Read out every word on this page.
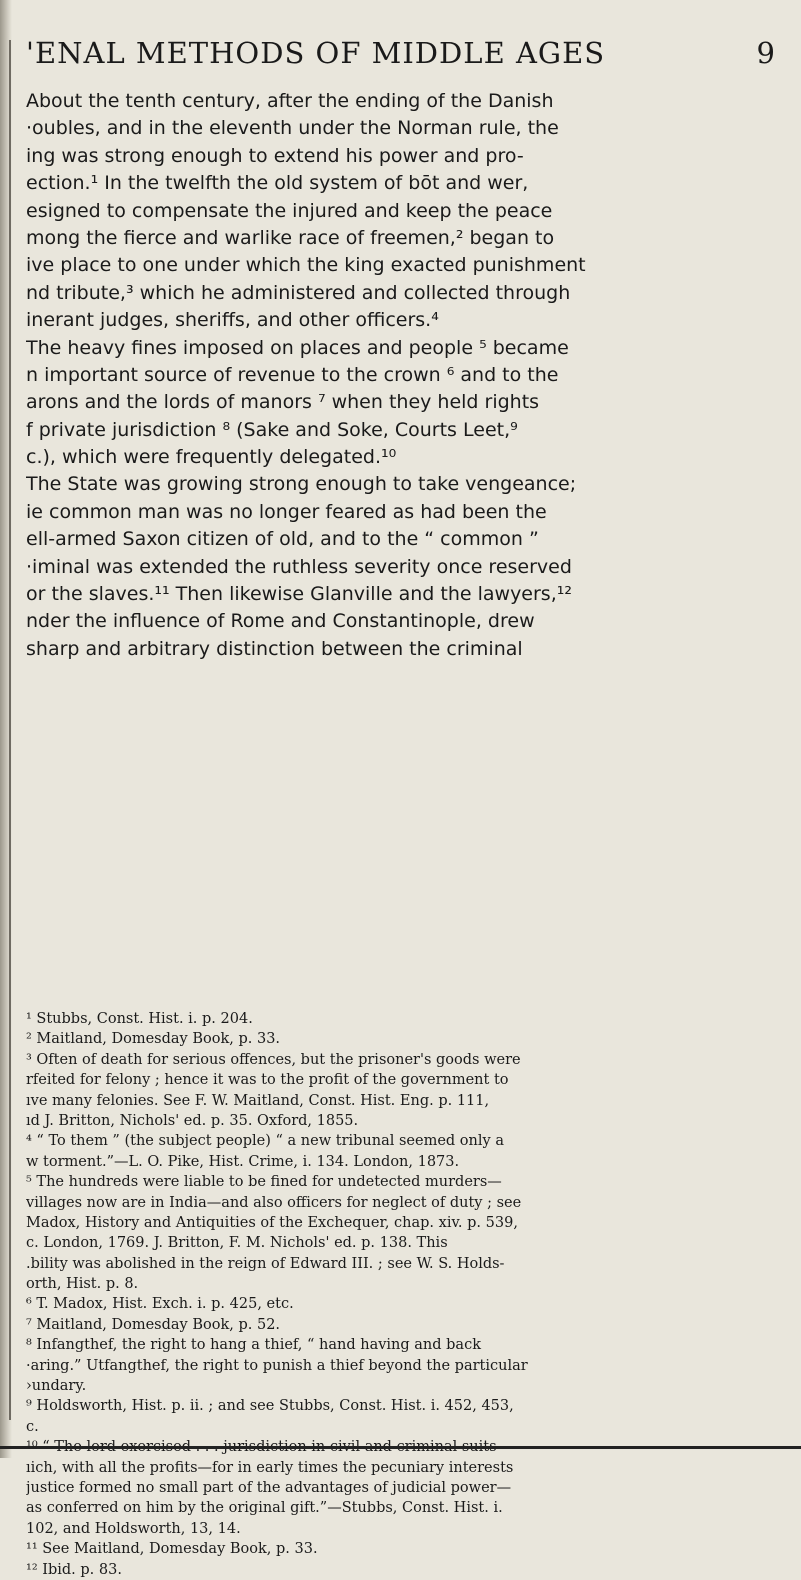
'ENAL METHODS OF MIDDLE AGES	9
About the tenth century, after the ending of the Danish
·oubles, and in the eleventh under the Norman rule, the
ing was strong enough to extend his power and pro-
ection.¹ In the twelfth the old system of bōt and wer,
esigned to compensate the injured and keep the peace
mong the fierce and warlike race of freemen,² began to
ive place to one under which the king exacted punishment
nd tribute,³ which he administered and collected through
inerant judges, sheriffs, and other officers.⁴
The heavy fines imposed on places and people ⁵ became
n important source of revenue to the crown ⁶ and to the
arons and the lords of manors ⁷ when they held rights
f private jurisdiction ⁸ (Sake and Soke, Courts Leet,⁹
c.), which were frequently delegated.¹⁰
The State was growing strong enough to take vengeance;
ie common man was no longer feared as had been the
ell-armed Saxon citizen of old, and to the “ common ”
·iminal was extended the ruthless severity once reserved
or the slaves.¹¹ Then likewise Glanville and the lawyers,¹²
nder the influence of Rome and Constantinople, drew
sharp and arbitrary distinction between the criminal
¹ Stubbs, Const. Hist. i. p. 204.
² Maitland, Domesday Book, p. 33.
³ Often of death for serious offences, but the prisoner's goods were
rfeited for felony ; hence it was to the profit of the government to
ıve many felonies. See F. W. Maitland, Const. Hist. Eng. p. 111,
ıd J. Britton, Nichols' ed. p. 35. Oxford, 1855.
⁴ “ To them ” (the subject people) “ a new tribunal seemed only a
w torment.”—L. O. Pike, Hist. Crime, i. 134. London, 1873.
⁵ The hundreds were liable to be fined for undetected murders—
villages now are in India—and also officers for neglect of duty ; see
Madox, History and Antiquities of the Exchequer, chap. xiv. p. 539,
c. London, 1769. J. Britton, F. M. Nichols' ed. p. 138. This
.bility was abolished in the reign of Edward III. ; see W. S. Holds-
orth, Hist. p. 8.
⁶ T. Madox, Hist. Exch. i. p. 425, etc.
⁷ Maitland, Domesday Book, p. 52.
⁸ Infangthef, the right to hang a thief, “ hand having and back
·aring.” Utfangthef, the right to punish a thief beyond the particular
›undary.
⁹ Holdsworth, Hist. p. ii. ; and see Stubbs, Const. Hist. i. 452, 453,
c.
ıich, with all the profits—for in early times the pecuniary interests
justice formed no small part of the advantages of judicial power—
as conferred on him by the original gift.”—Stubbs, Const. Hist. i.
102, and Holdsworth, 13, 14.
¹¹ See Maitland, Domesday Book, p. 33.
¹² Ibid. p. 83.
